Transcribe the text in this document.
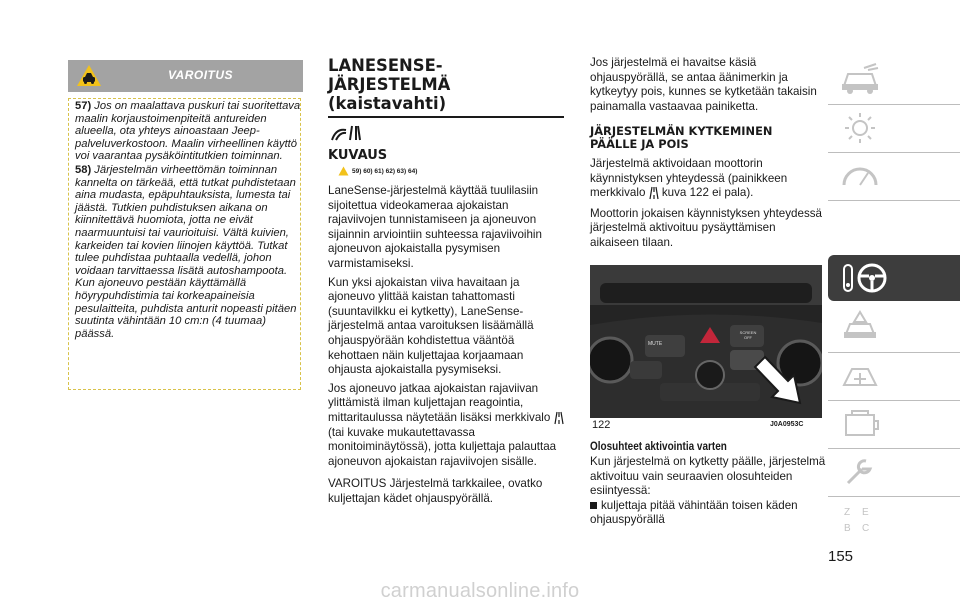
VAROITUS

57) Jos on maalattava puskuri tai suoritettava maalin korjaustoimenpiteitä antureiden alueella, ota yhteys ainoastaan Jeep-palveluverkostoon. Maalin virheellinen käyttö voi vaarantaa pysäköintitutkien toiminnan.

58) Järjestelmän virheettömän toiminnan kannelta on tärkeää, että tutkat puhdistetaan aina mudasta, epäpuhtauksista, lumesta tai jäästä. Tutkien puhdistuksen aikana on kiinnitettävä huomiota, jotta ne eivät naarmuuntuisi tai vaurioituisi. Vältä kuivien, karkeiden tai kovien liinojen käyttöä. Tutkat tulee puhdistaa puhtaalla vedellä, johon voidaan tarvittaessa lisätä autoshampoota. Kun ajoneuvo pestään käyttämällä höyrypuhdistimia tai korkeapaineisia pesulaitteita, puhdista anturit nopeasti pitäen suutinta vähintään 10 cm:n (4 tuumaa) päässä.

LANESENSE-
JÄRJESTELMÄ
(kaistavahti)
KUVAUS
59) 60) 61) 62) 63) 64)

LaneSense-järjestelmä käyttää tuulilasiin sijoitettua videokameraa ajokaistan rajaviivojen tunnistamiseen ja ajoneuvon sijainnin arviointiin suhteessa rajaviivoihin ajoneuvon ajokaistalla pysymisen varmistamiseksi.

Kun yksi ajokaistan viiva havaitaan ja ajoneuvo ylittää kaistan tahattomasti (suuntavilkku ei kytketty), LaneSense-järjestelmä antaa varoituksen lisäämällä ohjauspyörään kohdistettua vääntöä kehottaen näin kuljettajaa korjaamaan ohjausta ajokaistalla pysymiseksi.

Jos ajoneuvo jatkaa ajokaistan rajaviivan ylittämistä ilman kuljettajan reagointia, mittaritaulussa näytetään lisäksi merkkivalo  (tai kuvake mukautettavassa monitoiminäytössä), jotta kuljettaja palauttaa ajoneuvon ajokaistan rajaviivojen sisälle.

VAROITUS Järjestelmä tarkkailee, ovatko kuljettajan kädet ohjauspyörällä.

Jos järjestelmä ei havaitse käsiä ohjauspyörällä, se antaa äänimerkin ja kytkeytyy pois, kunnes se kytketään takaisin painamalla vastaavaa painiketta.

JÄRJESTELMÄN KYTKEMINEN
PÄÄLLE JA POIS

Järjestelmä aktivoidaan moottorin käynnistyksen yhteydessä (painikkeen merkkivalo kuva 122 ei pala).

Moottorin jokaisen käynnistyksen yhteydessä järjestelmä aktivoituu pysäyttämisen aikaiseen tilaan.

MUTE
SCREEN OFF
122	J0A0953C
Olosuhteet aktivointia varten

Kun järjestelmä on kytketty päälle, järjestelmä aktivoituu vain seuraavien olosuhteiden esiintyessä:

kuljettaja pitää vähintään toisen käden ohjauspyörällä

155
Z E
B C
carmanualsonline.info
